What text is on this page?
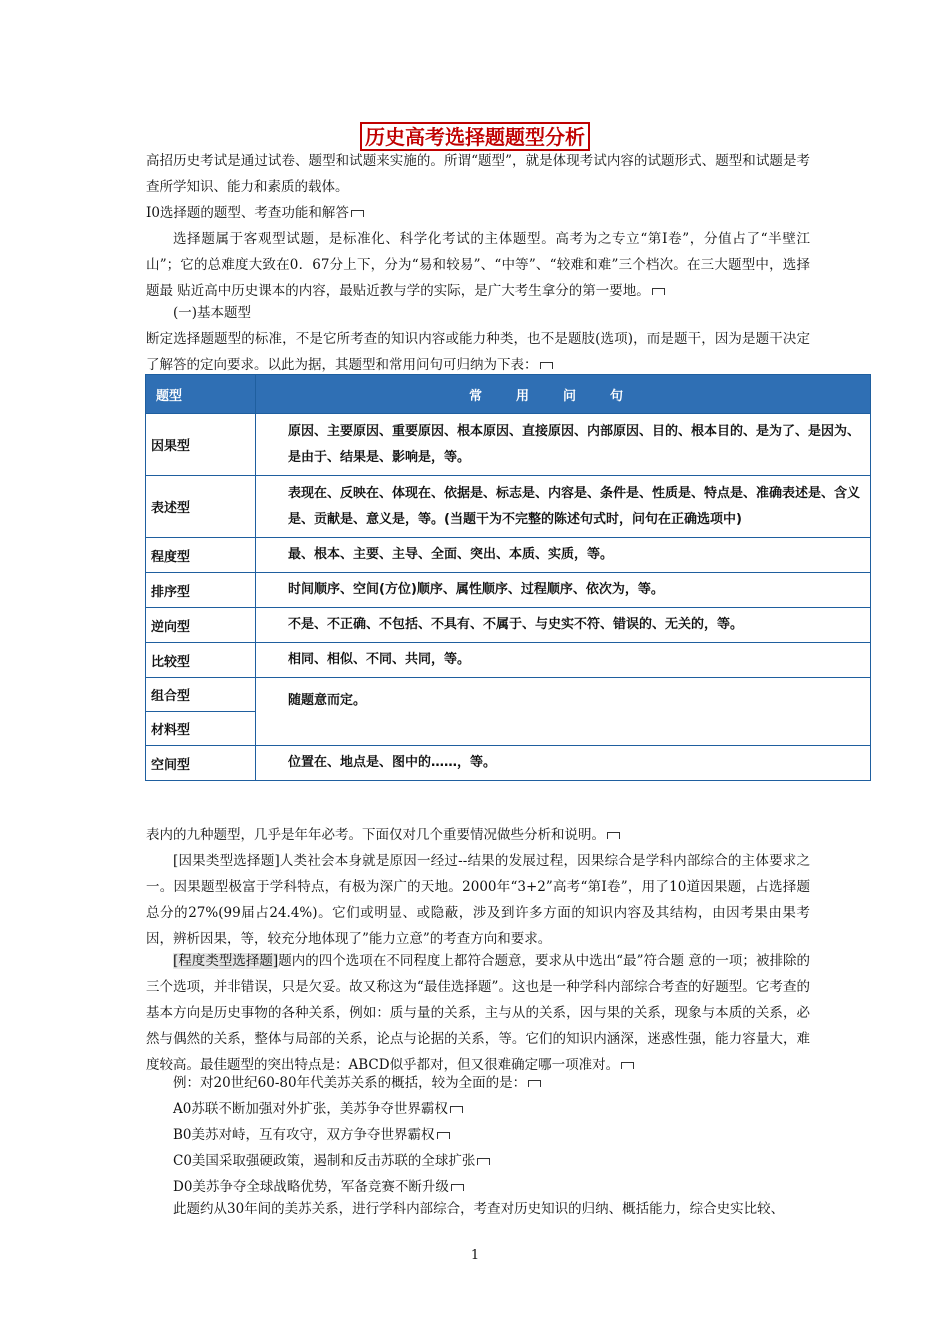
历史高考选择题题型分析

高招历史考试是通过试卷、题型和试题来实施的。所谓“题型”，就是体现考试内容的试题形式、题型和试题是考查所学知识、能力和素质的载体。

Ⅰ0选择题的题型、考查功能和解答

选择题属于客观型试题，是标准化、科学化考试的主体题型。高考为之专立“第Ⅰ卷”，分值占了“半壁江山”；它的总难度大致在0．67分上下，分为“易和较易”、“中等”、“较难和难”三个档次。在三大题型中，选择题最 贴近高中历史课本的内容，最贴近教与学的实际，是广大考生拿分的第一要地。

(一)基本题型

断定选择题题型的标准，不是它所考查的知识内容或能力种类，也不是题肢(选项)，而是题干，因为是题干决定了解答的定向要求。以此为据，其题型和常用问句可归纳为下表：

题型	常用问句
因果型	原因、主要原因、重要原因、根本原因、直接原因、内部原因、目的、根本目的、是为了、是因为、是由于、结果是、影响是，等。

表述型	表现在、反映在、体现在、依据是、标志是、内容是、条件是、性质是、特点是、准确表述是、含义是、贡献是、意义是，等。(当题干为不完整的陈述句式时，问句在正确选项中)

程度型	最、根本、主要、主导、全面、突出、本质、实质，等。

排序型	时间顺序、空间(方位)顺序、属性顺序、过程顺序、依次为，等。

逆向型	不是、不正确、不包括、不具有、不属于、与史实不符、错误的、无关的，等。

比较型	相同、相似、不同、共同，等。

组合型	随题意而定。

材料型	
空间型	位置在、地点是、图中的……，等。

表内的九种题型，几乎是年年必考。下面仅对几个重要情况做些分析和说明。

[因果类型选择题]人类社会本身就是原因一经过--结果的发展过程，因果综合是学科内部综合的主体要求之一。因果题型极富于学科特点，有极为深广的天地。2000年“3+2”高考“第Ⅰ卷”，用了10道因果题，占选择题总分的27%(99届占24.4%)。它们或明显、或隐蔽，涉及到许多方面的知识内容及其结构，由因考果由果考因，辨析因果，等，较充分地体现了”能力立意”的考查方向和要求。

[程度类型选择题]题内的四个选项在不同程度上都符合题意，要求从中选出“最”符合题 意的一项；被排除的三个选项，并非错误，只是欠妥。故又称这为“最佳选择题”。这也是一种学科内部综合考查的好题型。它考查的基本方向是历史事物的各种关系，例如：质与量的关系，主与从的关系，因与果的关系，现象与本质的关系，必然与偶然的关系，整体与局部的关系，论点与论据的关系，等。它们的知识内涵深，迷惑性强，能力容量大，难度较高。最佳题型的突出特点是：ABCD似乎都对，但又很难确定哪一项准对。

例：对20世纪60-80年代美苏关系的概括，较为全面的是：

A0苏联不断加强对外扩张，美苏争夺世界霸权

B0美苏对峙，互有攻守，双方争夺世界霸权

C0美国采取强硬政策，遏制和反击苏联的全球扩张

D0美苏争夺全球战略优势，军备竞赛不断升级

此题约从30年间的美苏关系，进行学科内部综合，考查对历史知识的归纳、概括能力，综合史实比较、

1
